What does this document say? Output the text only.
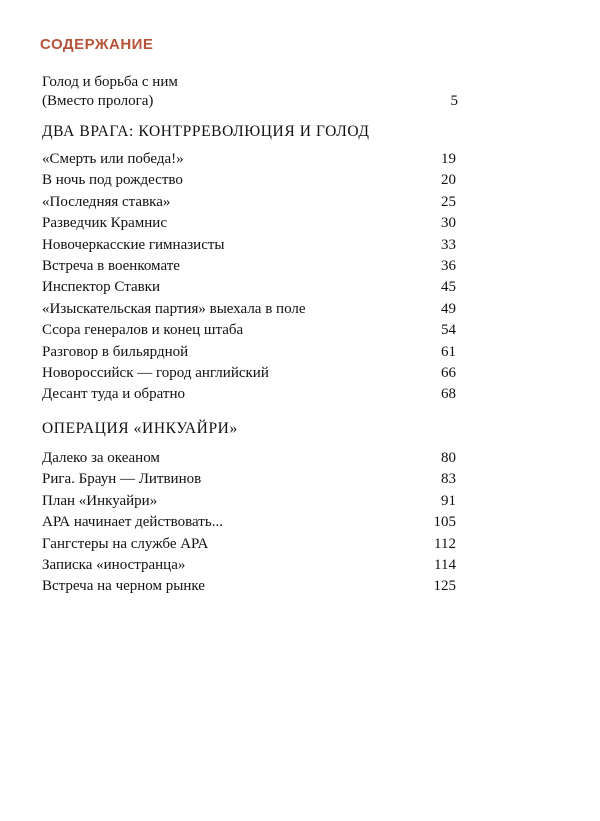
СОДЕРЖАНИЕ
Голод и борьба с ним
(Вместо пролога)	5
ДВА ВРАГА: КОНТРРЕВОЛЮЦИЯ И ГОЛОД
«Смерть или победа!»	19
В ночь под рождество	20
«Последняя ставка»	25
Разведчик Крамнис	30
Новочеркасские гимназисты	33
Встреча в военкомате	36
Инспектор Ставки	45
«Изыскательская партия» выехала в поле	49
Ссора генералов и конец штаба	54
Разговор в бильярдной	61
Новороссийск — город английский	66
Десант туда и обратно	68
ОПЕРАЦИЯ «ИНКУАЙРИ»
Далеко за океаном	80
Рига. Браун — Литвинов	83
План «Инкуайри»	91
АРА начинает действовать...	105
Гангстеры на службе АРА	112
Записка «иностранца»	114
Встреча на черном рынке	125
